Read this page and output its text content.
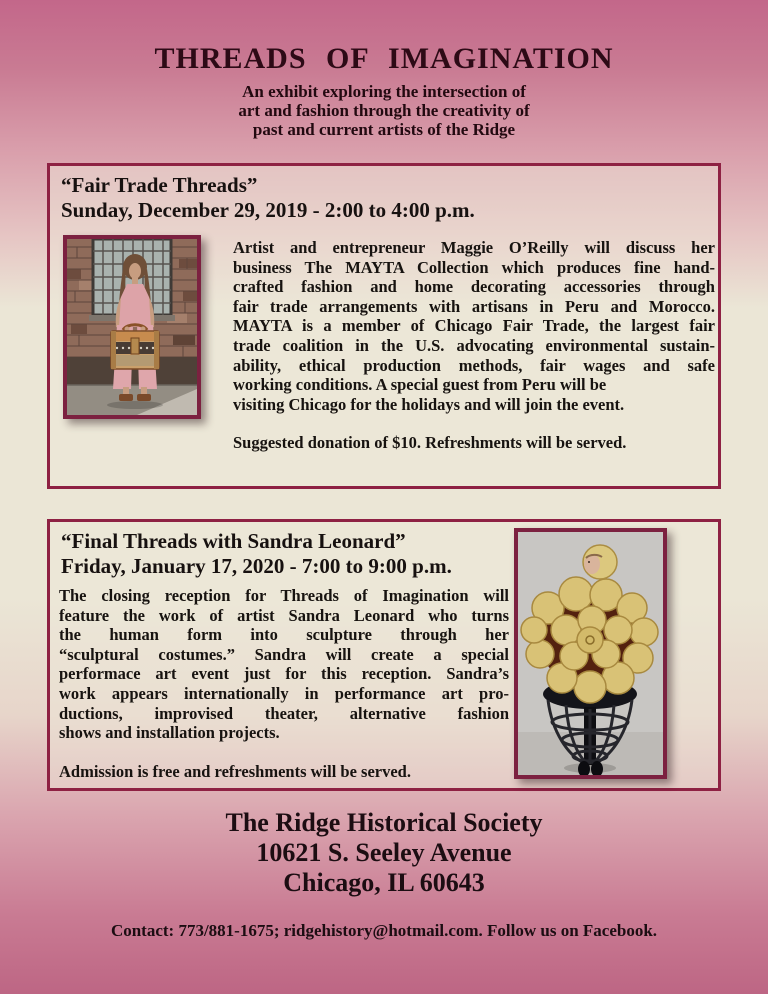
THREADS OF IMAGINATION
An exhibit exploring the intersection of
art and fashion through the creativity of
past and current artists of the Ridge
“Fair Trade Threads”
Sunday, December 29, 2019 - 2:00 to 4:00 p.m.
Artist and entrepreneur Maggie O’Reilly will discuss her
business The MAYTA Collection which produces fine hand-
crafted fashion and home decorating accessories through
fair trade arrangements with artisans in Peru and Morocco.
MAYTA is a member of Chicago Fair Trade, the largest fair
trade coalition in the U.S. advocating environmental sustain-
ability, ethical production methods, fair wages and safe
working conditions. A special guest from Peru will be
visiting Chicago for the holidays and will join the event.
Suggested donation of $10. Refreshments will be served.
“Final Threads with Sandra Leonard”
Friday, January 17, 2020 - 7:00 to 9:00 p.m.
The closing reception for Threads of Imagination will
feature the work of artist Sandra Leonard who turns
the human form into sculpture through her
“sculptural costumes.” Sandra will create a special
performace art event just for this reception. Sandra’s
work appears internationally in performance art pro-
ductions, improvised theater, alternative fashion
shows and installation projects.
Admission is free and refreshments will be served.
The Ridge Historical Society
10621 S. Seeley Avenue
Chicago, IL 60643
Contact: 773/881-1675; ridgehistory@hotmail.com. Follow us on Facebook.
